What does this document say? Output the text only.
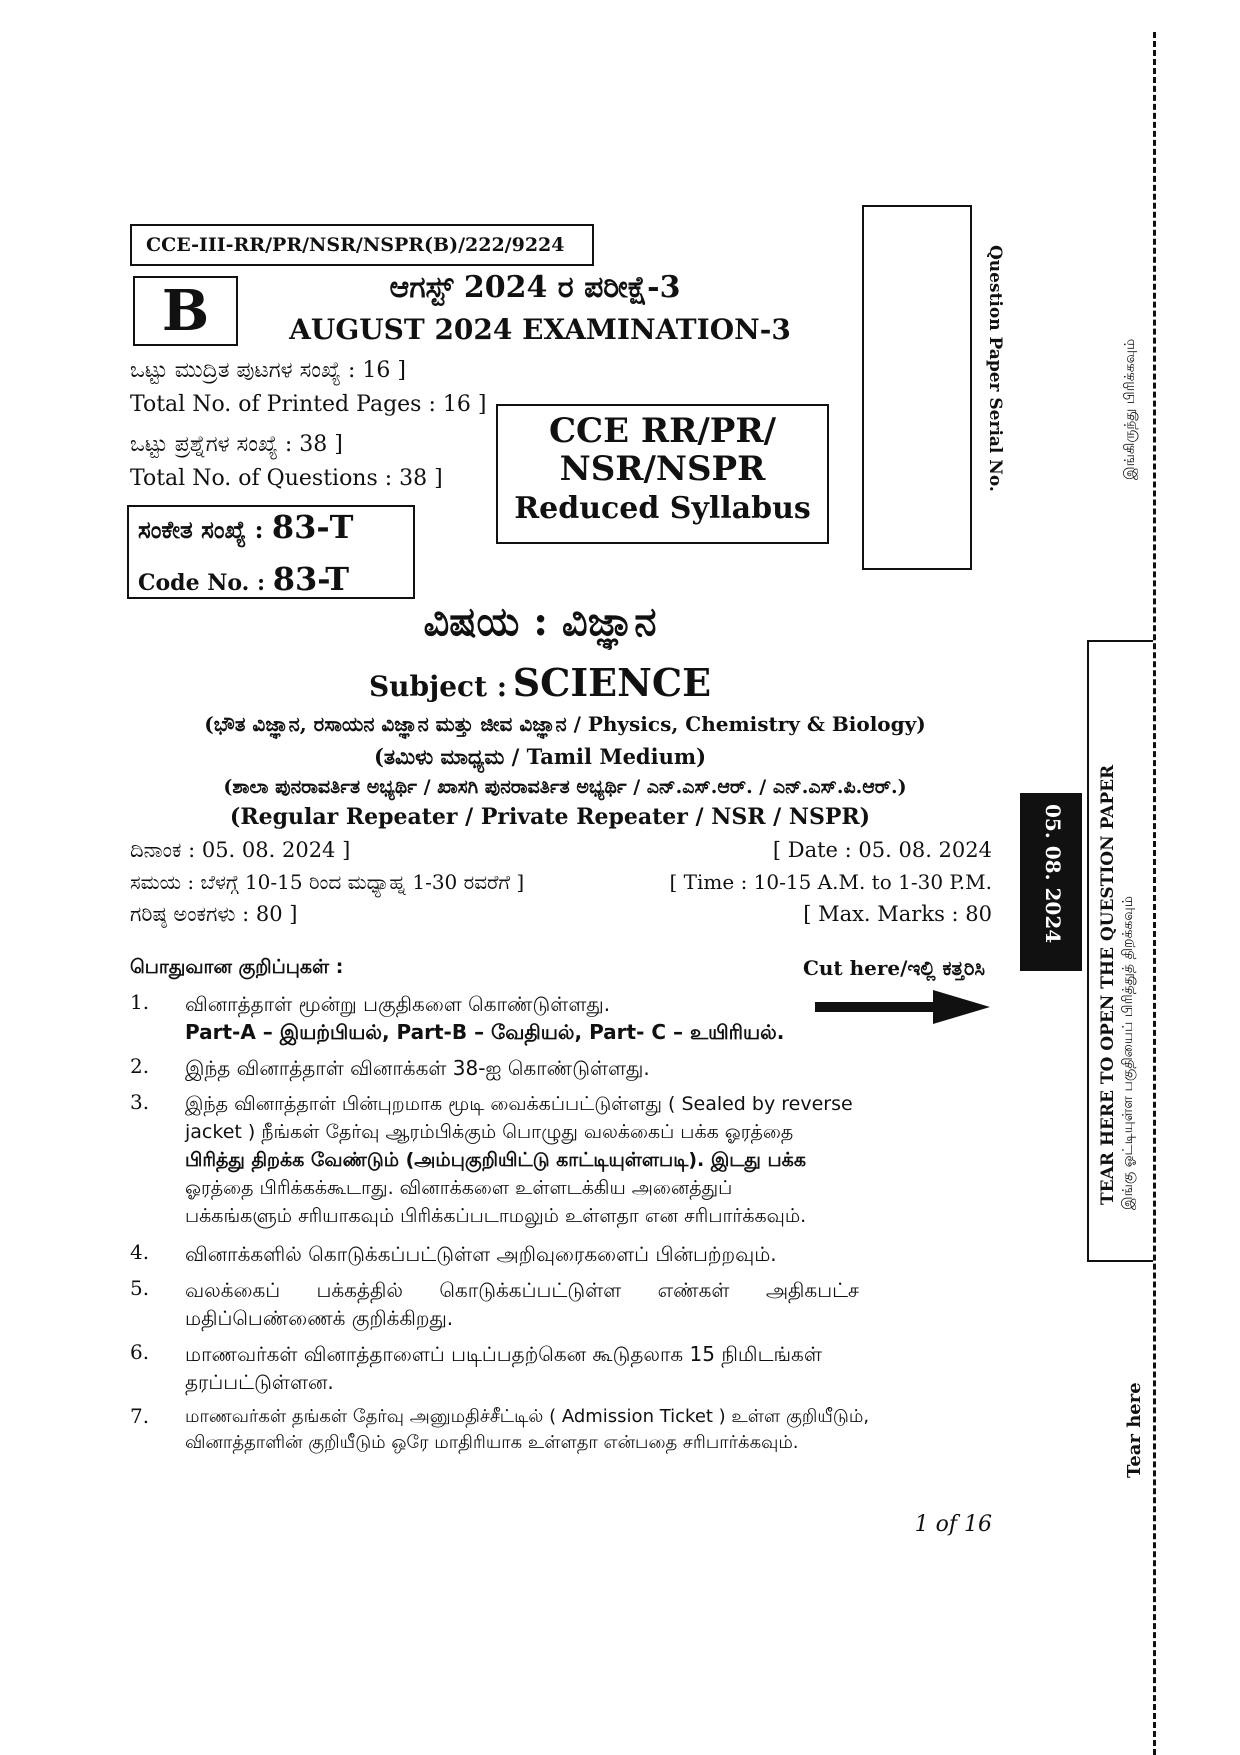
CCE-III-RR/PR/NSR/NSPR(B)/222/9224
B	ಆಗಸ್ಟ್ 2024 ರ ಪರೀಕ್ಷೆ-3
AUGUST 2024 EXAMINATION-3
ಒಟ್ಟು ಮುದ್ರಿತ ಪುಟಗಳ ಸಂಖ್ಯೆ : 16 ]
Total No. of Printed Pages : 16 ]
ಒಟ್ಟು ಪ್ರಶ್ನೆಗಳ ಸಂಖ್ಯೆ : 38 ]
Total No. of Questions : 38 ]
ಸಂಕೇತ ಸಂಖ್ಯೆ : 83-T
Code No. : 83-T
CCE RR/PR/
NSR/NSPR
Reduced Syllabus
Question Paper Serial No.
ವಿಷಯ : ವಿಜ್ಞಾನ
Subject : SCIENCE
(ಭೌತ ವಿಜ್ಞಾನ, ರಸಾಯನ ವಿಜ್ಞಾನ ಮತ್ತು ಜೀವ ವಿಜ್ಞಾನ / Physics, Chemistry & Biology)
(ತಮಿಳು ಮಾಧ್ಯಮ / Tamil Medium)
(ಶಾಲಾ ಪುನರಾವರ್ತಿತ ಅಭ್ಯರ್ಥಿ / ಖಾಸಗಿ ಪುನರಾವರ್ತಿತ ಅಭ್ಯರ್ಥಿ / ಎನ್.ಎಸ್.ಆರ್. / ಎನ್.ಎಸ್.ಪಿ.ಆರ್.)
(Regular Repeater / Private Repeater / NSR / NSPR)
ದಿನಾಂಕ : 05. 08. 2024 ]	[ Date : 05. 08. 2024
ಸಮಯ : ಬೆಳಗ್ಗೆ 10-15 ರಿಂದ ಮಧ್ಯಾಹ್ನ 1-30 ರವರೆಗೆ ]	[ Time : 10-15 A.M. to 1-30 P.M.
ಗರಿಷ್ಠ ಅಂಕಗಳು : 80 ]	[ Max. Marks : 80
பொதுவான குறிப்புகள் :	Cut here/ಇಲ್ಲಿ ಕತ್ತರಿಸಿ
1. வினாத்தாள் மூன்று பகுதிகளை கொண்டுள்ளது.
Part-A – இயற்பியல், Part-B – வேதியல், Part- C – உயிரியல்.
2. இந்த வினாத்தாள் வினாக்கள் 38-ஐ கொண்டுள்ளது.
3. இந்த வினாத்தாள் பின்புறமாக மூடி வைக்கப்பட்டுள்ளது ( Sealed by reverse
jacket ) நீங்கள் தேர்வு ஆரம்பிக்கும் பொழுது வலக்கைப் பக்க ஓரத்தை
பிரித்து திறக்க வேண்டும் (அம்புகுறியிட்டு காட்டியுள்ளபடி). இடது பக்க
ஓரத்தை பிரிக்கக்கூடாது. வினாக்களை உள்ளடக்கிய அனைத்துப்
பக்கங்களும் சரியாகவும் பிரிக்கப்படாமலும் உள்ளதா என சரிபார்க்கவும்.
4. வினாக்களில் கொடுக்கப்பட்டுள்ள அறிவுரைகளைப் பின்பற்றவும்.
5. வலக்கைப் பக்கத்தில் கொடுக்கப்பட்டுள்ள எண்கள் அதிகபட்ச
மதிப்பெண்ணைக் குறிக்கிறது.
6. மாணவர்கள் வினாத்தாளைப் படிப்பதற்கென கூடுதலாக 15 நிமிடங்கள்
தரப்பட்டுள்ளன.
7. மாணவர்கள் தங்கள் தேர்வு அனுமதிச்சீட்டில் ( Admission Ticket ) உள்ள குறியீடும்,
வினாத்தாளின் குறியீடும் ஒரே மாதிரியாக உள்ளதா என்பதை சரிபார்க்கவும்.
1 of 16
இங்கிருந்து பிரிக்கவும்
TEAR HERE TO OPEN THE QUESTION PAPER இங்கு ஓட்டியுள்ள பகுதியைப் பிரித்துத் திறக்கவும்
05. 08. 2024
Tear here
